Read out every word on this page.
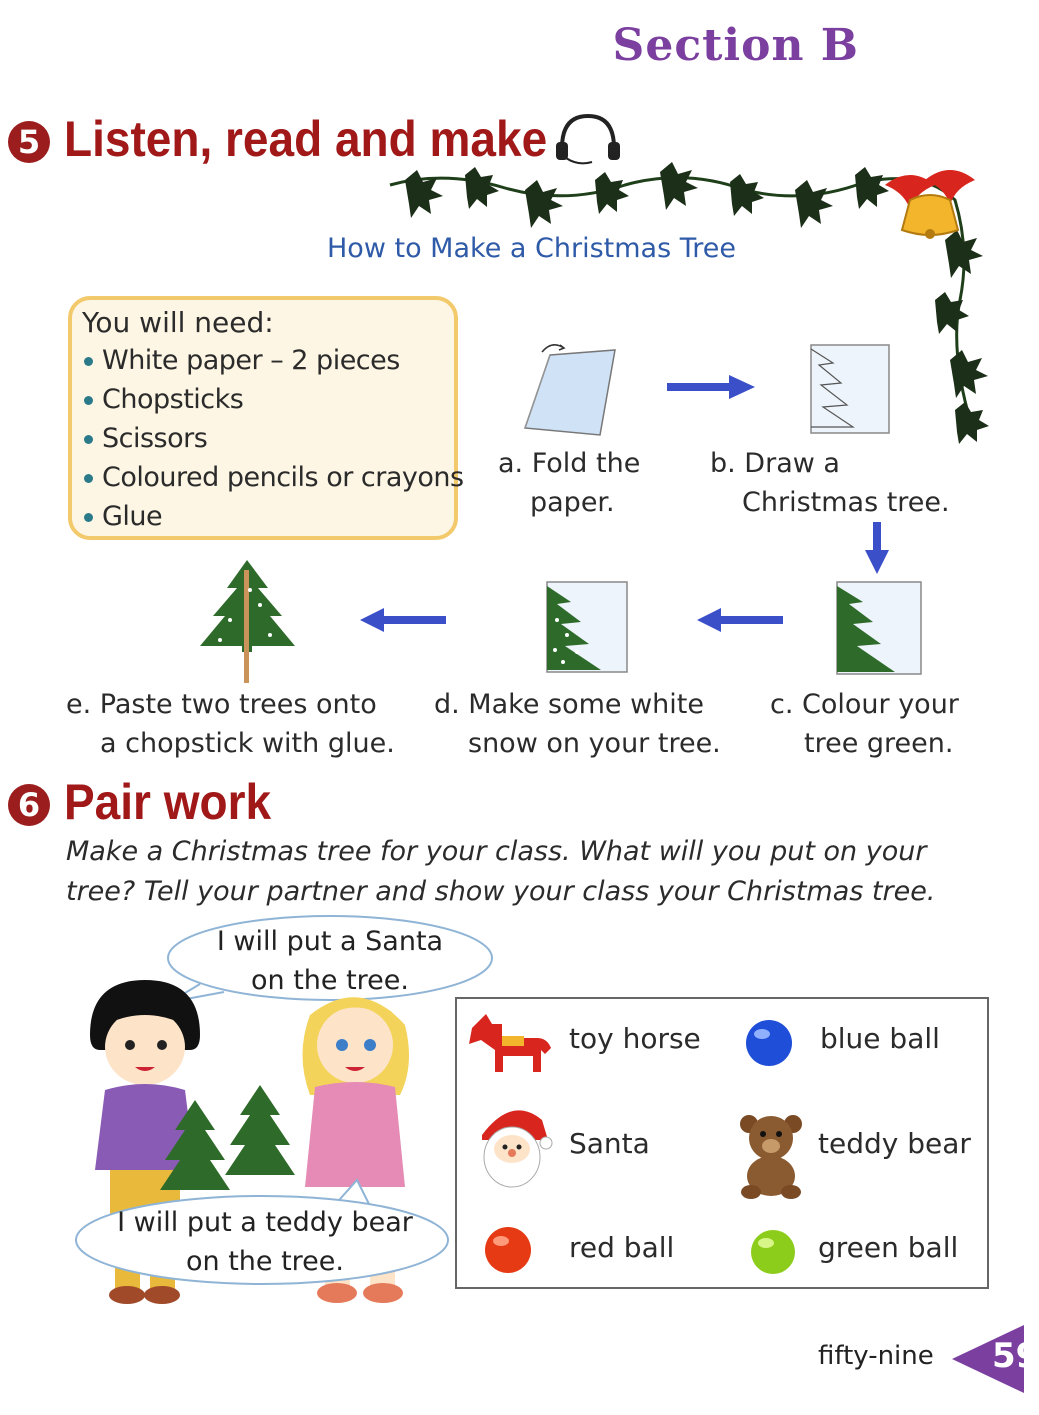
Section B
5 Listen, read and make
How to Make a Christmas Tree
You will need:
White paper – 2 pieces
Chopsticks
Scissors
Coloured pencils or crayons
Glue
a. Fold the
paper.
b. Draw a
Christmas tree.
e. Paste two trees onto
a chopstick with glue.
d. Make some white
snow on your tree.
c. Colour your
tree green.
6 Pair work
Make a Christmas tree for your class. What will you put on your
tree? Tell your partner and show your class your Christmas tree.
I will put a Santa
on the tree.
I will put a teddy bear
on the tree.
toy horse	blue ball
Santa	teddy bear
red ball	green ball
fifty-nine 59
